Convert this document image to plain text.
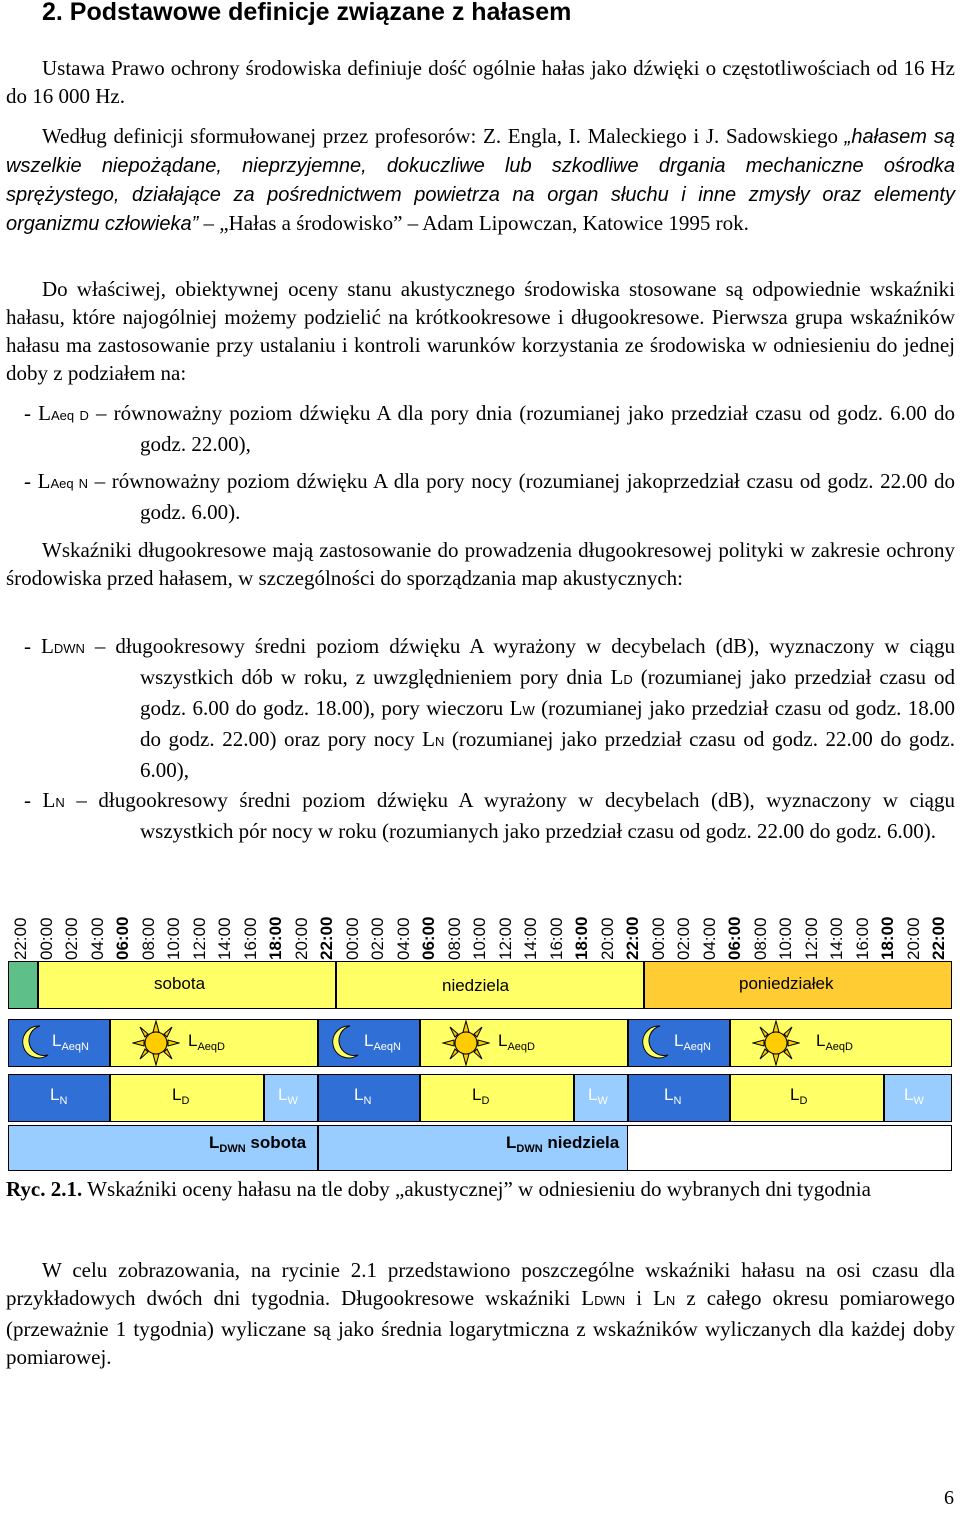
2. Podstawowe definicje związane z hałasem
Ustawa Prawo ochrony środowiska definiuje dość ogólnie hałas jako dźwięki o częstotliwościach od 16 Hz do 16 000 Hz.
Według definicji sformułowanej przez profesorów: Z. Engla, I. Maleckiego i J. Sadowskiego „hałasem są wszelkie niepożądane, nieprzyjemne, dokuczliwe lub szkodliwe drgania mechaniczne ośrodka sprężystego, działające za pośrednictwem powietrza na organ słuchu i inne zmysły oraz elementy organizmu człowieka” – „Hałas a środowisko” – Adam Lipowczan, Katowice 1995 rok.
Do właściwej, obiektywnej oceny stanu akustycznego środowiska stosowane są odpowiednie wskaźniki hałasu, które najogólniej możemy podzielić na krótkookresowe i długookresowe. Pierwsza grupa wskaźników hałasu ma zastosowanie przy ustalaniu i kontroli warunków korzystania ze środowiska w odniesieniu do jednej doby z podziałem na:
- LAeq D – równoważny poziom dźwięku A dla pory dnia (rozumianej jako przedział czasu od godz. 6.00 do godz. 22.00),
- LAeq N – równoważny poziom dźwięku A dla pory nocy (rozumianej jakoprzedział czasu od godz. 22.00 do godz. 6.00).
Wskaźniki długookresowe mają zastosowanie do prowadzenia długookresowej polityki w zakresie ochrony środowiska przed hałasem, w szczególności do sporządzania map akustycznych:
- LDWN – długookresowy średni poziom dźwięku A wyrażony w decybelach (dB), wyznaczony w ciągu wszystkich dób w roku, z uwzględnieniem pory dnia LD (rozumianej jako przedział czasu od godz. 6.00 do godz. 18.00), pory wieczoru LW (rozumianej jako przedział czasu od godz. 18.00 do godz. 22.00) oraz pory nocy LN (rozumianej jako przedział czasu od godz. 22.00 do godz. 6.00),
- LN – długookresowy średni poziom dźwięku A wyrażony w decybelach (dB), wyznaczony w ciągu wszystkich pór nocy w roku (rozumianych jako przedział czasu od godz. 22.00 do godz. 6.00).
22:00 00:00 02:00 04:00 06:00 08:00 10:00 12:00 14:00 16:00 18:00 20:00 22:00 00:00 02:00 04:00 06:00 08:00 10:00 12:00 14:00 16:00 18:00 20:00 22:00 00:00 02:00 04:00 06:00 08:00 10:00 12:00 14:00 16:00 18:00 20:00 22:00
sobota	niedziela	poniedziałek
$L_{AeqN}$	$L_{AeqD}$	$L_{AeqN}$	$L_{AeqD}$	$L_{AeqN}$	$L_{AeqD}$
$L_N$	$L_D$	$L_W$	$L_N$	$L_D$	$L_W$	$L_N$	$L_D$	$L_W$
$L_{DWN}$ sobota	$L_{DWN}$ niedziela
Ryc. 2.1. Wskaźniki oceny hałasu na tle doby „akustycznej” w odniesieniu do wybranych dni tygodnia
W celu zobrazowania, na rycinie 2.1 przedstawiono poszczególne wskaźniki hałasu na osi czasu dla przykładowych dwóch dni tygodnia. Długookresowe wskaźniki LDWN i LN z całego okresu pomiarowego (przeważnie 1 tygodnia) wyliczane są jako średnia logarytmiczna z wskaźników wyliczanych dla każdej doby pomiarowej.
6
